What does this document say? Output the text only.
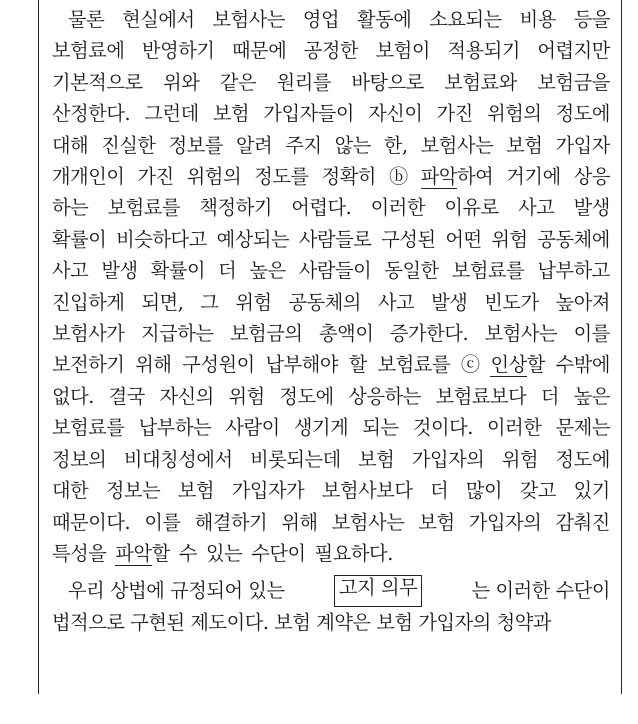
물론 현실에서 보험사는 영업 활동에 소요되는 비용 등을
보험료에 반영하기 때문에 공정한 보험이 적용되기 어렵지만
기본적으로 위와 같은 원리를 바탕으로 보험료와 보험금을
산정한다. 그런데 보험 가입자들이 자신이 가진 위험의 정도에
대해 진실한 정보를 알려 주지 않는 한, 보험사는 보험 가입자
개개인이 가진 위험의 정도를 정확히 ⓑ 파악하여 거기에 상응
하는 보험료를 책정하기 어렵다. 이러한 이유로 사고 발생
확률이 비슷하다고 예상되는 사람들로 구성된 어떤 위험 공동체에
사고 발생 확률이 더 높은 사람들이 동일한 보험료를 납부하고
진입하게 되면, 그 위험 공동체의 사고 발생 빈도가 높아져
보험사가 지급하는 보험금의 총액이 증가한다. 보험사는 이를
보전하기 위해 구성원이 납부해야 할 보험료를 ⓒ 인상할 수밖에
없다. 결국 자신의 위험 정도에 상응하는 보험료보다 더 높은
보험료를 납부하는 사람이 생기게 되는 것이다. 이러한 문제는
정보의 비대칭성에서 비롯되는데 보험 가입자의 위험 정도에
대한 정보는 보험 가입자가 보험사보다 더 많이 갖고 있기
때문이다. 이를 해결하기 위해 보험사는 보험 가입자의 감춰진
특성을 파악할 수 있는 수단이 필요하다.
우리 상법에 규정되어 있는	고지 의무	는 이러한 수단이
법적으로 구현된 제도이다. 보험 계약은 보험 가입자의 청약과
